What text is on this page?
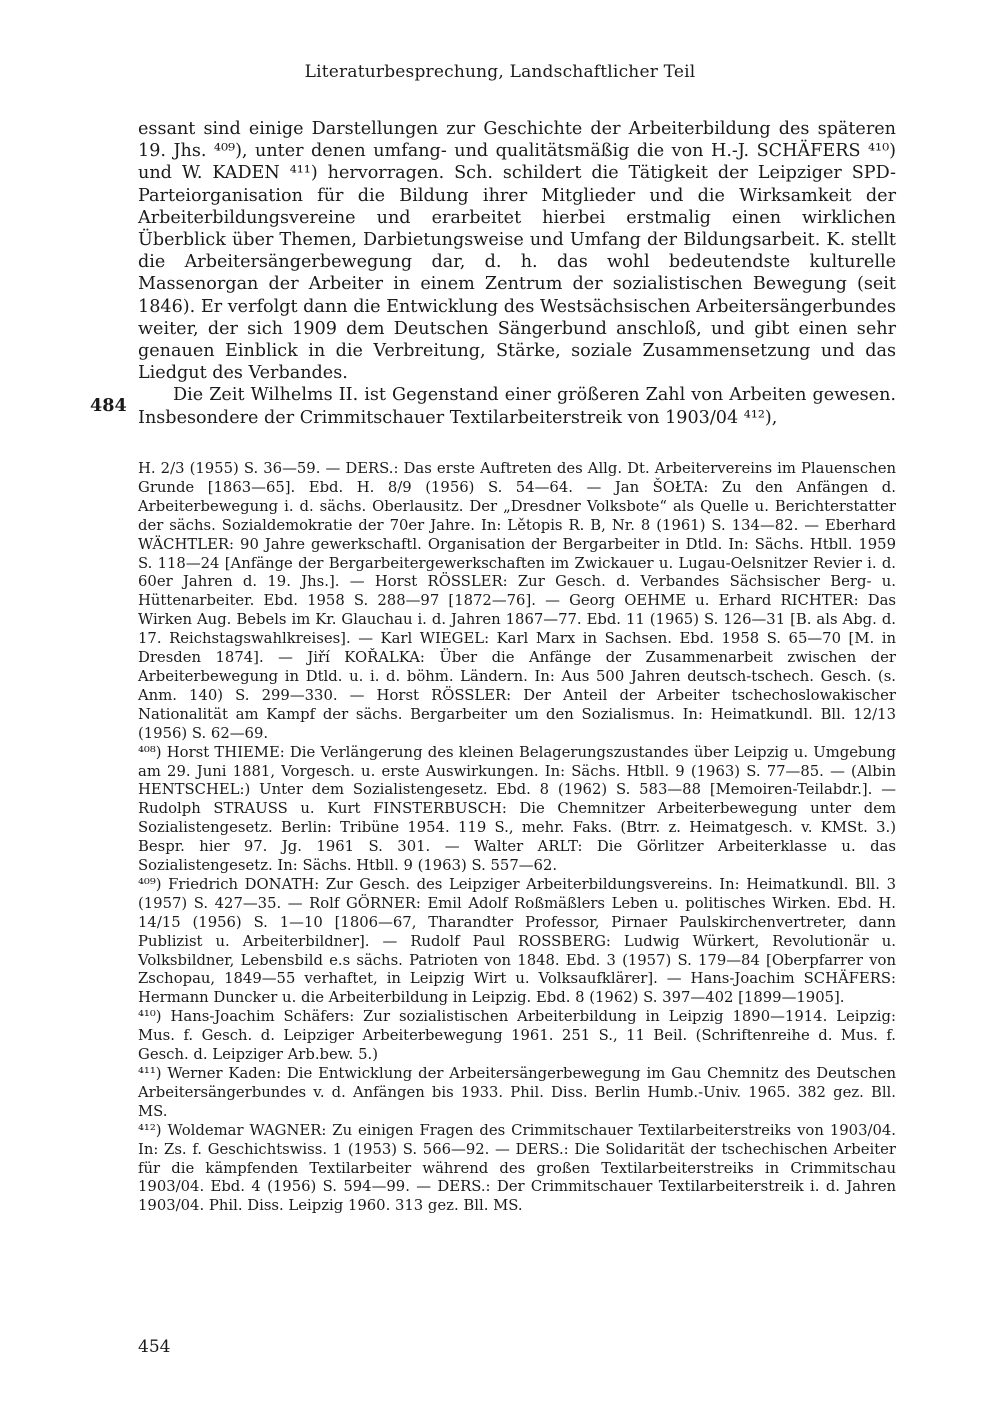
Literaturbesprechung, Landschaftlicher Teil

essant sind einige Darstellungen zur Geschichte der Arbeiterbildung des späteren 19. Jhs. ⁴⁰⁹), unter denen umfang- und qualitätsmäßig die von H.-J. SCHÄFERS ⁴¹⁰) und W. KADEN ⁴¹¹) hervorragen. Sch. schildert die Tätigkeit der Leipziger SPD-Parteiorganisation für die Bildung ihrer Mitglieder und die Wirksamkeit der Arbeiterbildungsvereine und erarbeitet hierbei erstmalig einen wirklichen Überblick über Themen, Darbietungsweise und Umfang der Bildungsarbeit. K. stellt die Arbeitersängerbewegung dar, d. h. das wohl bedeutendste kulturelle Massenorgan der Arbeiter in einem Zentrum der sozialistischen Bewegung (seit 1846). Er verfolgt dann die Entwicklung des Westsächsischen Arbeitersängerbundes weiter, der sich 1909 dem Deutschen Sängerbund anschloß, und gibt einen sehr genauen Einblick in die Verbreitung, Stärke, soziale Zusammensetzung und das Liedgut des Verbandes.

Die Zeit Wilhelms II. ist Gegenstand einer größeren Zahl von Arbeiten gewesen. Insbesondere der Crimmitschauer Textilarbeiterstreik von 1903/04 ⁴¹²),

484

H. 2/3 (1955) S. 36—59. — DERS.: Das erste Auftreten des Allg. Dt. Arbeitervereins im Plauenschen Grunde [1863—65]. Ebd. H. 8/9 (1956) S. 54—64. — Jan ŠOŁTA: Zu den Anfängen d. Arbeiterbewegung i. d. sächs. Oberlausitz. Der „Dresdner Volksbote“ als Quelle u. Berichterstatter der sächs. Sozialdemokratie der 70er Jahre. In: Lětopis R. B, Nr. 8 (1961) S. 134—82. — Eberhard WÄCHTLER: 90 Jahre gewerkschaftl. Organisation der Bergarbeiter in Dtld. In: Sächs. Htbll. 1959 S. 118—24 [Anfänge der Bergarbeitergewerkschaften im Zwickauer u. Lugau-Oelsnitzer Revier i. d. 60er Jahren d. 19. Jhs.]. — Horst RÖSSLER: Zur Gesch. d. Verbandes Sächsischer Berg- u. Hüttenarbeiter. Ebd. 1958 S. 288—97 [1872—76]. — Georg OEHME u. Erhard RICHTER: Das Wirken Aug. Bebels im Kr. Glauchau i. d. Jahren 1867—77. Ebd. 11 (1965) S. 126—31 [B. als Abg. d. 17. Reichstagswahlkreises]. — Karl WIEGEL: Karl Marx in Sachsen. Ebd. 1958 S. 65—70 [M. in Dresden 1874]. — Jiří KOŘALKA: Über die Anfänge der Zusammenarbeit zwischen der Arbeiterbewegung in Dtld. u. i. d. böhm. Ländern. In: Aus 500 Jahren deutsch-tschech. Gesch. (s. Anm. 140) S. 299—330. — Horst RÖSSLER: Der Anteil der Arbeiter tschechoslowakischer Nationalität am Kampf der sächs. Bergarbeiter um den Sozialismus. In: Heimatkundl. Bll. 12/13 (1956) S. 62—69.

⁴⁰⁸) Horst THIEME: Die Verlängerung des kleinen Belagerungszustandes über Leipzig u. Umgebung am 29. Juni 1881, Vorgesch. u. erste Auswirkungen. In: Sächs. Htbll. 9 (1963) S. 77—85. — (Albin HENTSCHEL:) Unter dem Sozialistengesetz. Ebd. 8 (1962) S. 583—88 [Memoiren-Teilabdr.]. — Rudolph STRAUSS u. Kurt FINSTERBUSCH: Die Chemnitzer Arbeiterbewegung unter dem Sozialistengesetz. Berlin: Tribüne 1954. 119 S., mehr. Faks. (Btrr. z. Heimatgesch. v. KMSt. 3.) Bespr. hier 97. Jg. 1961 S. 301. — Walter ARLT: Die Görlitzer Arbeiterklasse u. das Sozialistengesetz. In: Sächs. Htbll. 9 (1963) S. 557—62.

⁴⁰⁹) Friedrich DONATH: Zur Gesch. des Leipziger Arbeiterbildungsvereins. In: Heimatkundl. Bll. 3 (1957) S. 427—35. — Rolf GÖRNER: Emil Adolf Roßmäßlers Leben u. politisches Wirken. Ebd. H. 14/15 (1956) S. 1—10 [1806—67, Tharandter Professor, Pirnaer Paulskirchenvertreter, dann Publizist u. Arbeiterbildner]. — Rudolf Paul ROSSBERG: Ludwig Würkert, Revolutionär u. Volksbildner, Lebensbild e.s sächs. Patrioten von 1848. Ebd. 3 (1957) S. 179—84 [Oberpfarrer von Zschopau, 1849—55 verhaftet, in Leipzig Wirt u. Volksaufklärer]. — Hans-Joachim SCHÄFERS: Hermann Duncker u. die Arbeiterbildung in Leipzig. Ebd. 8 (1962) S. 397—402 [1899—1905].

⁴¹⁰) Hans-Joachim Schäfers: Zur sozialistischen Arbeiterbildung in Leipzig 1890—1914. Leipzig: Mus. f. Gesch. d. Leipziger Arbeiterbewegung 1961. 251 S., 11 Beil. (Schriftenreihe d. Mus. f. Gesch. d. Leipziger Arb.bew. 5.)

⁴¹¹) Werner Kaden: Die Entwicklung der Arbeitersängerbewegung im Gau Chemnitz des Deutschen Arbeitersängerbundes v. d. Anfängen bis 1933. Phil. Diss. Berlin Humb.-Univ. 1965. 382 gez. Bll. MS.

⁴¹²) Woldemar WAGNER: Zu einigen Fragen des Crimmitschauer Textilarbeiterstreiks von 1903/04. In: Zs. f. Geschichtswiss. 1 (1953) S. 566—92. — DERS.: Die Solidarität der tschechischen Arbeiter für die kämpfenden Textilarbeiter während des großen Textilarbeiterstreiks in Crimmitschau 1903/04. Ebd. 4 (1956) S. 594—99. — DERS.: Der Crimmitschauer Textilarbeiterstreik i. d. Jahren 1903/04. Phil. Diss. Leipzig 1960. 313 gez. Bll. MS.

454
